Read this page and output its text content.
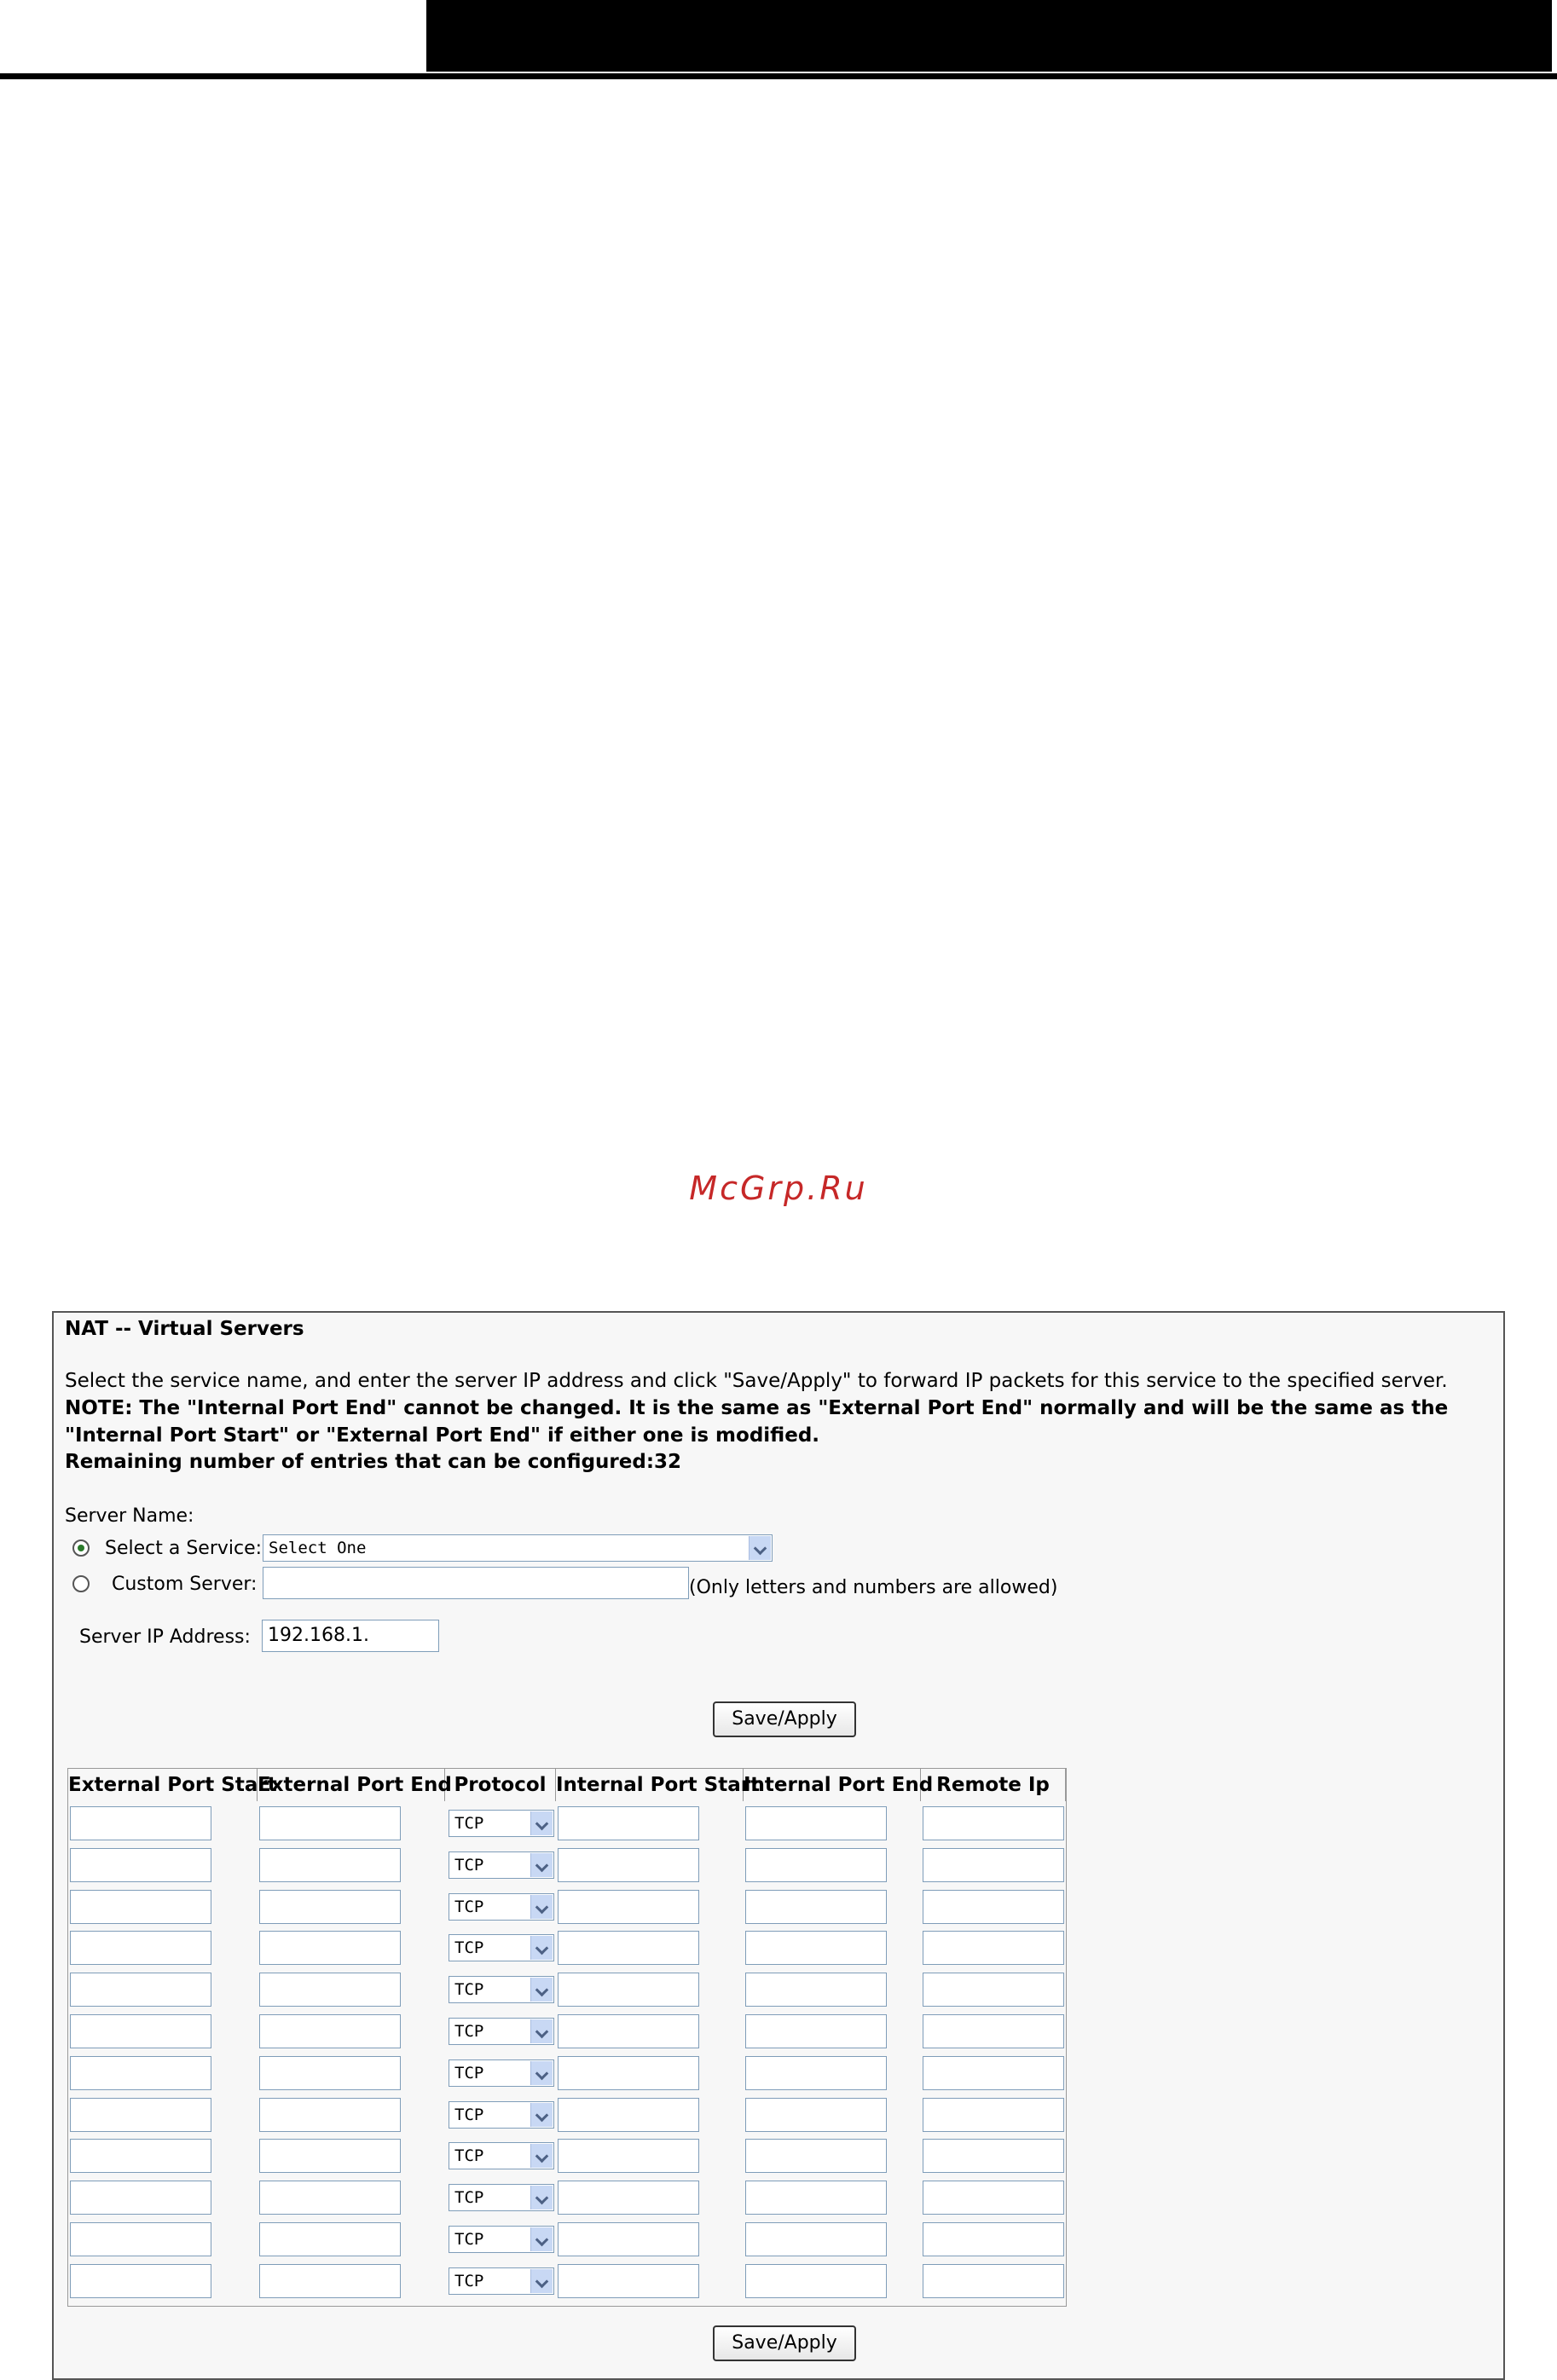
McGrp.Ru
NAT -- Virtual Servers
Select the service name, and enter the server IP address and click "Save/Apply" to forward IP packets for this service to the specified server. NOTE: The "Internal Port End" cannot be changed. It is the same as "External Port End" normally and will be the same as the "Internal Port Start" or "External Port End" if either one is modified.
Remaining number of entries that can be configured:32
Server Name:
Select a Service: Select One
Custom Server:	(Only letters and numbers are allowed)
Server IP Address: 192.168.1.
Save/Apply
External Port Start
External Port End Protocol Internal Port Start
Internal Port End Remote Ip
TCP
TCP
TCP
TCP
TCP
TCP
TCP
TCP
TCP
TCP
TCP
TCP
Save/Apply
